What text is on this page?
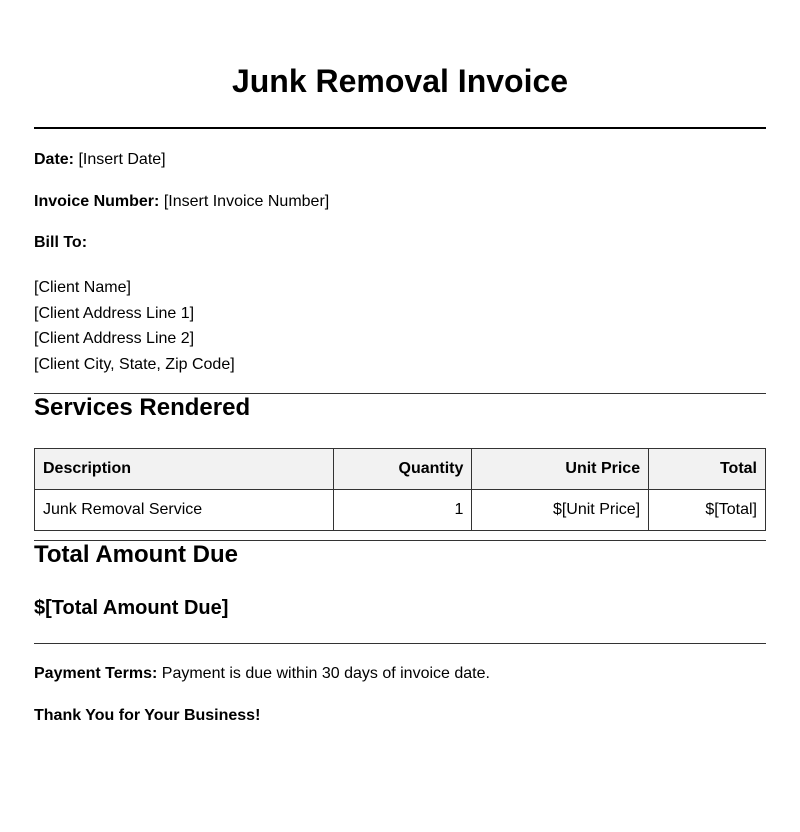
Junk Removal Invoice

Date: [Insert Date]

Invoice Number: [Insert Invoice Number]

Bill To:

[Client Name]
[Client Address Line 1]
[Client Address Line 2]
[Client City, State, Zip Code]
Services Rendered
Description	Quantity	Unit Price	Total
Junk Removal Service	1	$[Unit Price]	$[Total]
Total Amount Due

$[Total Amount Due]

Payment Terms: Payment is due within 30 days of invoice date.

Thank You for Your Business!
